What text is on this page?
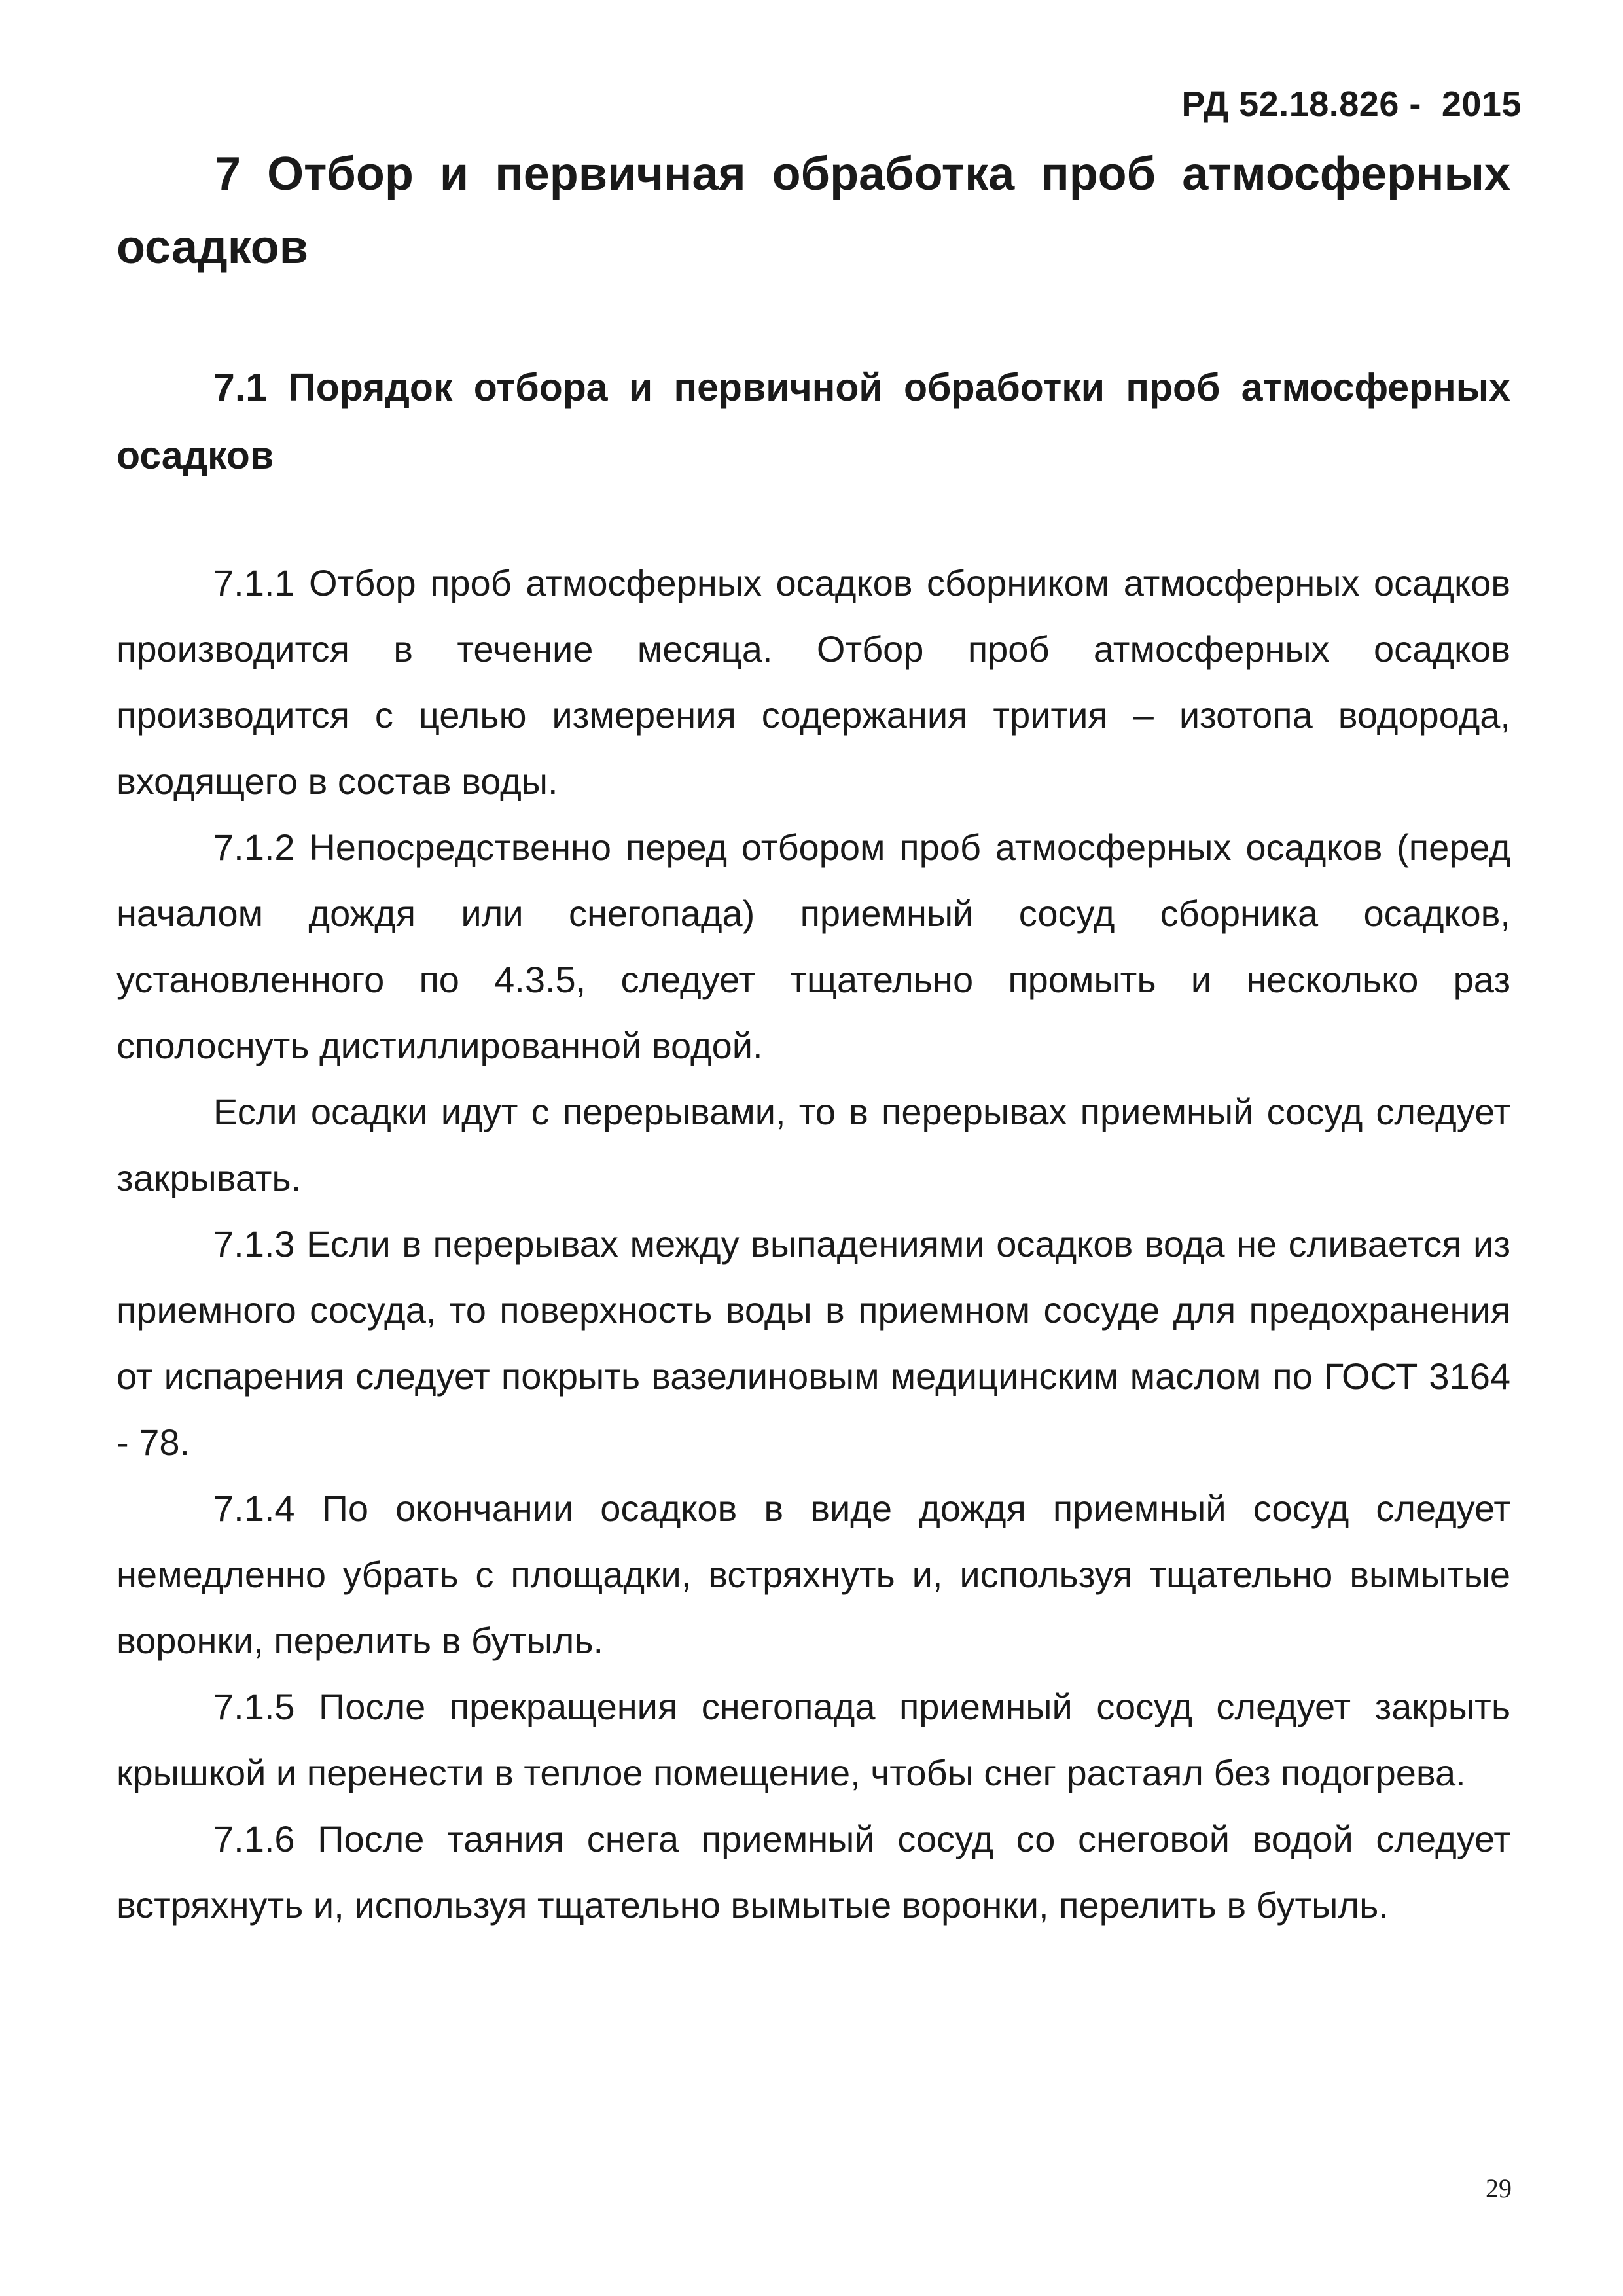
РД 52.18.826 -  2015
7 Отбор и первичная обработка проб атмосферных осадков
7.1 Порядок отбора и первичной обработки проб атмосферных осадков

7.1.1 Отбор проб атмосферных осадков сборником атмосферных осадков производится в течение месяца. Отбор проб атмосферных осадков производится с целью измерения содержания трития – изотопа водорода, входящего в состав воды.

7.1.2 Непосредственно перед отбором проб атмосферных осадков (перед началом дождя или снегопада) приемный сосуд сборника осадков, установленного по 4.3.5, следует тщательно промыть и несколько раз сполоснуть дистиллированной водой.

Если осадки идут с перерывами, то в перерывах приемный сосуд следует закрывать.

7.1.3 Если в перерывах между выпадениями осадков вода не сливается из приемного сосуда, то поверхность воды в приемном сосуде для предохранения от испарения следует покрыть вазелиновым медицинским маслом по ГОСТ 3164 - 78.

7.1.4 По окончании осадков в виде дождя приемный сосуд следует немедленно убрать с площадки, встряхнуть и, используя тщательно вымытые воронки, перелить в бутыль.

7.1.5 После прекращения снегопада приемный сосуд следует закрыть крышкой и перенести в теплое помещение, чтобы снег растаял без подогрева.

7.1.6 После таяния снега приемный сосуд со снеговой водой следует встряхнуть и, используя тщательно вымытые воронки, перелить в бутыль.

29
